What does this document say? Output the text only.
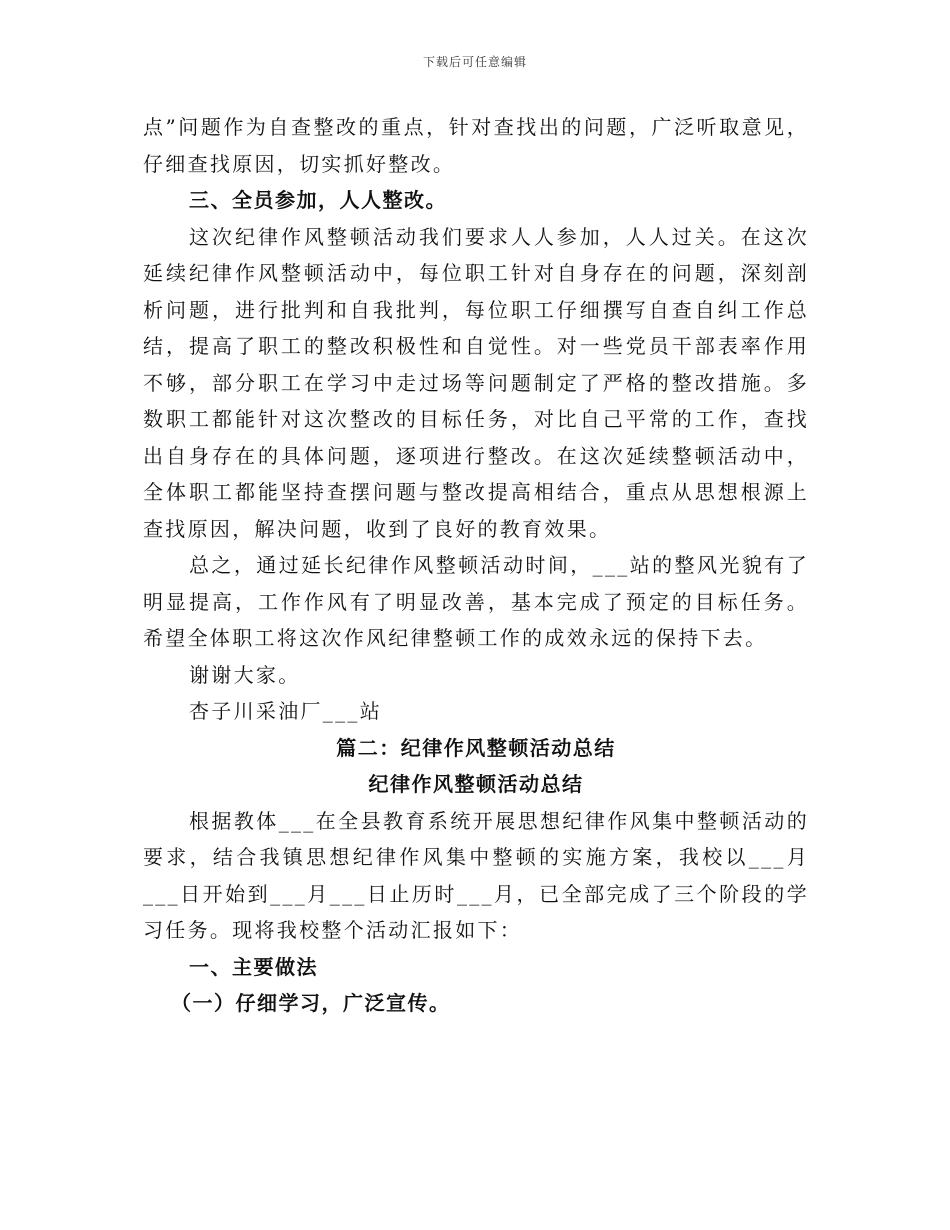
下载后可任意编辑

点”问题作为自查整改的重点，针对查找出的问题，广泛听取意见，仔细查找原因，切实抓好整改。

三、全员参加，人人整改。

这次纪律作风整顿活动我们要求人人参加，人人过关。在这次延续纪律作风整顿活动中，每位职工针对自身存在的问题，深刻剖析问题，进行批判和自我批判，每位职工仔细撰写自查自纠工作总结，提高了职工的整改积极性和自觉性。对一些党员干部表率作用不够，部分职工在学习中走过场等问题制定了严格的整改措施。多数职工都能针对这次整改的目标任务，对比自己平常的工作，查找出自身存在的具体问题，逐项进行整改。在这次延续整顿活动中，全体职工都能坚持查摆问题与整改提高相结合，重点从思想根源上查找原因，解决问题，收到了良好的教育效果。

总之，通过延长纪律作风整顿活动时间，___站的整风光貌有了明显提高，工作作风有了明显改善，基本完成了预定的目标任务。希望全体职工将这次作风纪律整顿工作的成效永远的保持下去。

谢谢大家。

杏子川采油厂___站

篇二：纪律作风整顿活动总结

纪律作风整顿活动总结

根据教体___在全县教育系统开展思想纪律作风集中整顿活动的要求，结合我镇思想纪律作风集中整顿的实施方案，我校以___月___日开始到___月___日止历时___月，已全部完成了三个阶段的学习任务。现将我校整个活动汇报如下：

一、主要做法

（一）仔细学习，广泛宣传。
